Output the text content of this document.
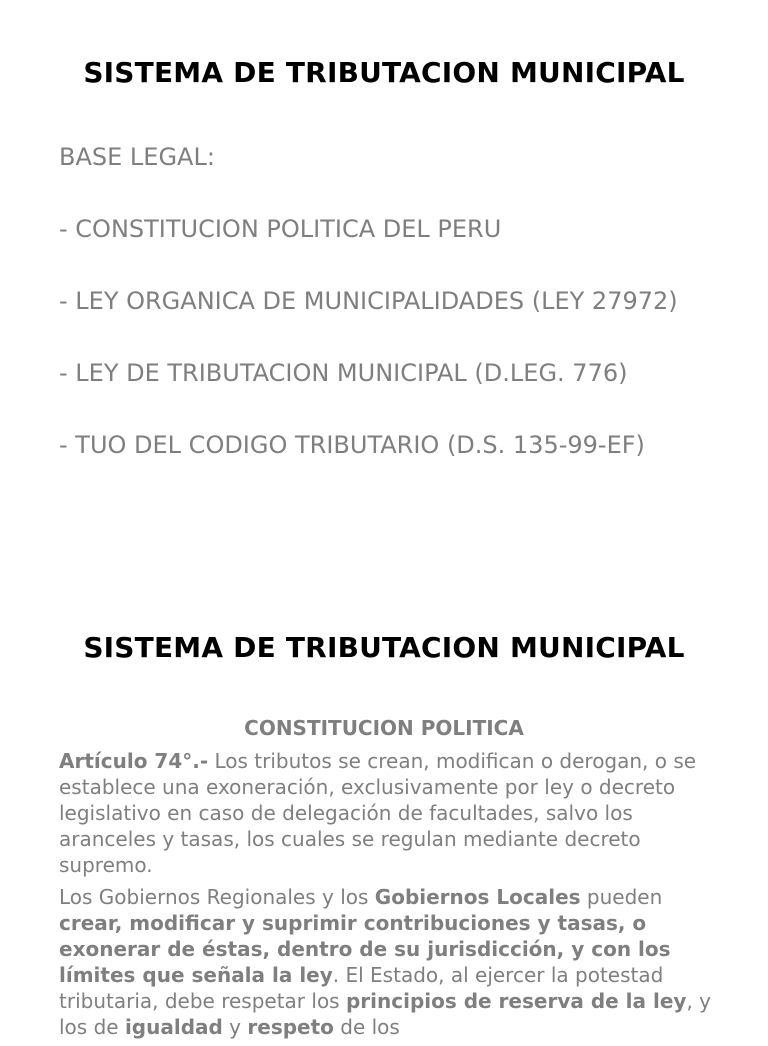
SISTEMA DE TRIBUTACION MUNICIPAL
BASE LEGAL:
- CONSTITUCION POLITICA DEL PERU
- LEY ORGANICA DE MUNICIPALIDADES (LEY 27972)
- LEY DE TRIBUTACION MUNICIPAL (D.LEG. 776)
- TUO DEL CODIGO TRIBUTARIO (D.S. 135-99-EF)
SISTEMA DE TRIBUTACION MUNICIPAL
CONSTITUCION POLITICA

Artículo 74°.- Los tributos se crean, modifican o derogan, o se establece una exoneración, exclusivamente por ley o decreto legislativo en caso de delegación de facultades, salvo los aranceles y tasas, los cuales se regulan mediante decreto supremo.

Los Gobiernos Regionales y los Gobiernos Locales pueden crear, modificar y suprimir contribuciones y tasas, o exonerar de éstas, dentro de su jurisdicción, y con los límites que señala la ley. El Estado, al ejercer la potestad tributaria, debe respetar los principios de reserva de la ley, y los de igualdad y respeto de los
